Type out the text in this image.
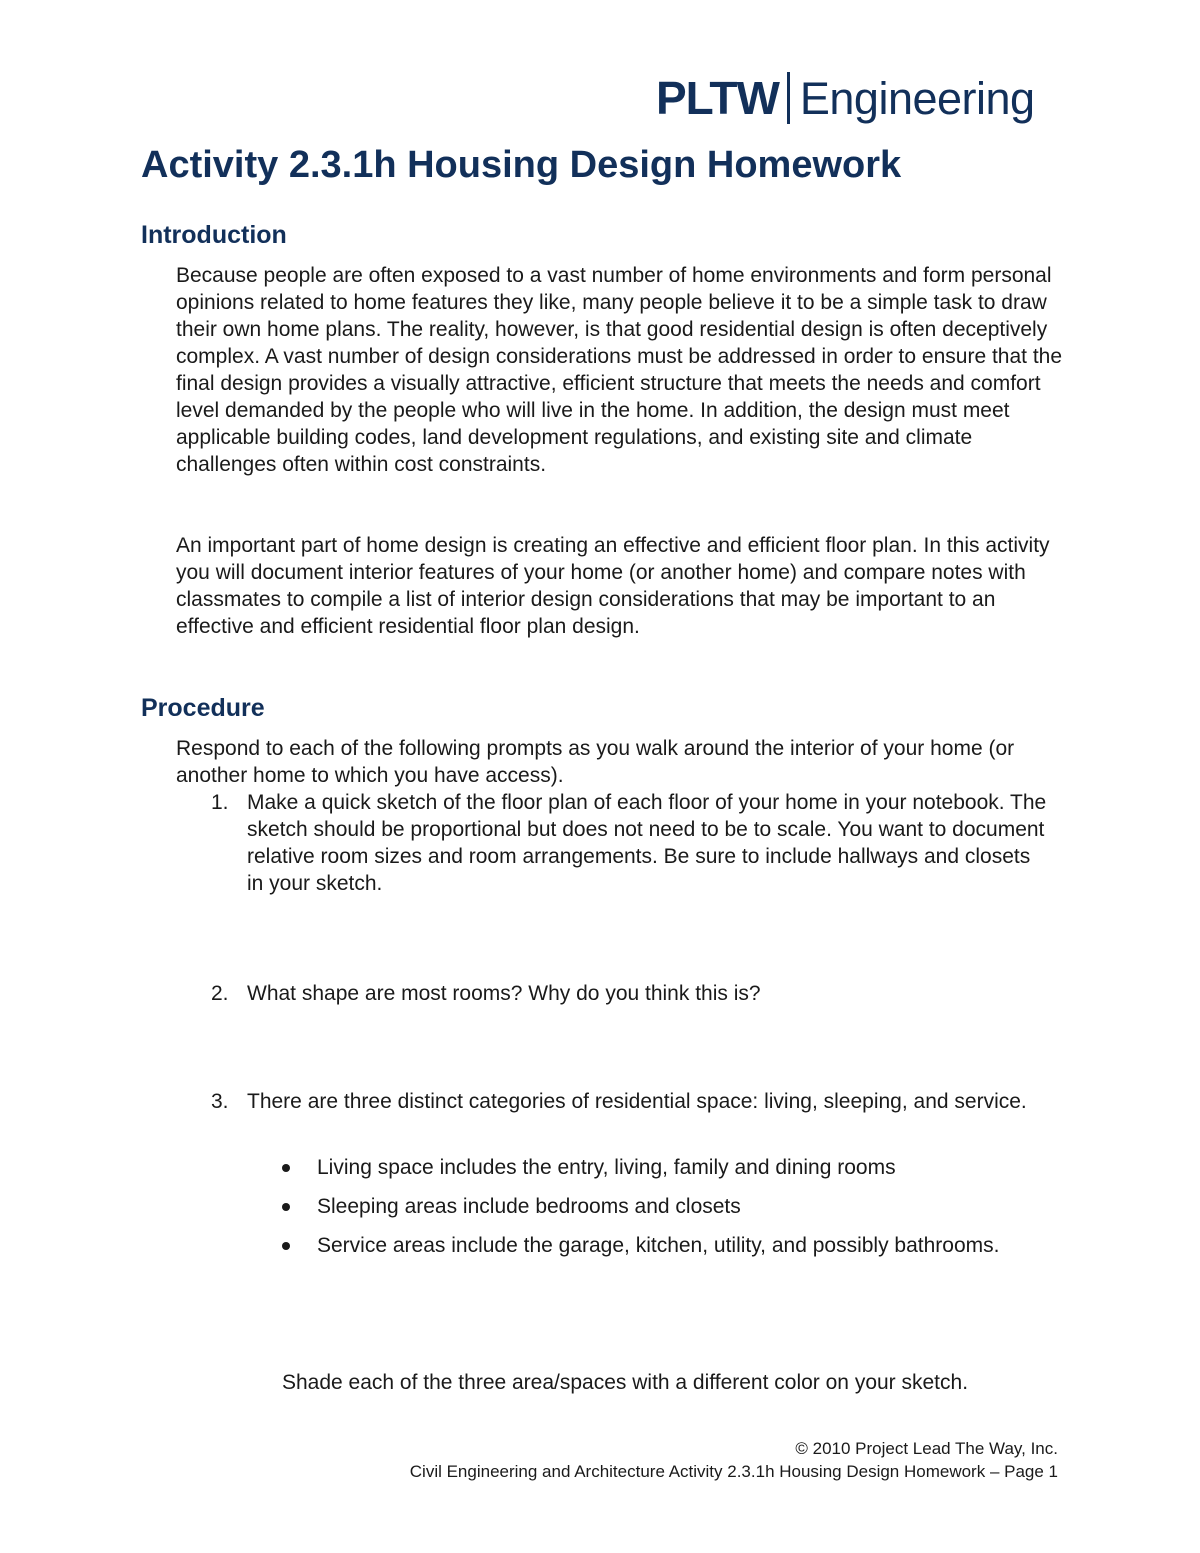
PLTW Engineering
Activity 2.3.1h Housing Design Homework
Introduction

Because people are often exposed to a vast number of home environments and form personal opinions related to home features they like, many people believe it to be a simple task to draw their own home plans. The reality, however, is that good residential design is often deceptively complex. A vast number of design considerations must be addressed in order to ensure that the final design provides a visually attractive, efficient structure that meets the needs and comfort level demanded by the people who will live in the home. In addition, the design must meet applicable building codes, land development regulations, and existing site and climate challenges often within cost constraints.

An important part of home design is creating an effective and efficient floor plan. In this activity you will document interior features of your home (or another home) and compare notes with classmates to compile a list of interior design considerations that may be important to an effective and efficient residential floor plan design.

Procedure

Respond to each of the following prompts as you walk around the interior of your home (or another home to which you have access).

1. Make a quick sketch of the floor plan of each floor of your home in your notebook. The sketch should be proportional but does not need to be to scale. You want to document relative room sizes and room arrangements. Be sure to include hallways and closets in your sketch.

2. What shape are most rooms? Why do you think this is?

3. There are three distinct categories of residential space: living, sleeping, and service.

Living space includes the entry, living, family and dining rooms

Sleeping areas include bedrooms and closets

Service areas include the garage, kitchen, utility, and possibly bathrooms.

Shade each of the three area/spaces with a different color on your sketch.

© 2010 Project Lead The Way, Inc.

Civil Engineering and Architecture Activity 2.3.1h Housing Design Homework – Page 1
